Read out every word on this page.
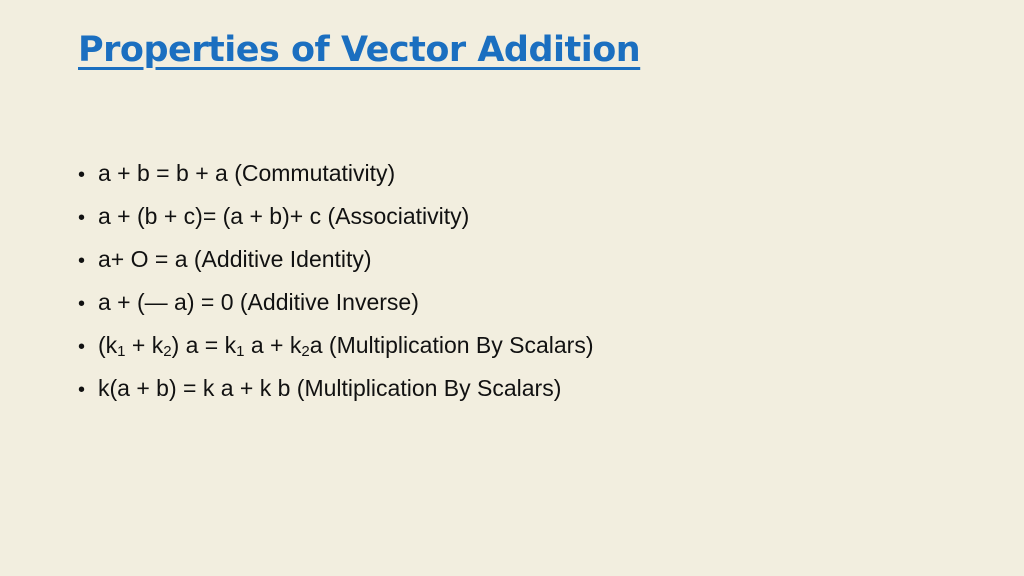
Properties of Vector Addition
• a + b = b + a (Commutativity)
• a + (b + c)= (a + b)+ c (Associativity)
• a+ O = a (Additive Identity)
• a + (— a) = 0 (Additive Inverse)
• $(k_1 + k_2) a = k_1$ $a + k_2a$ (Multiplication By Scalars)
• k(a + b) = k a + k b (Multiplication By Scalars)
